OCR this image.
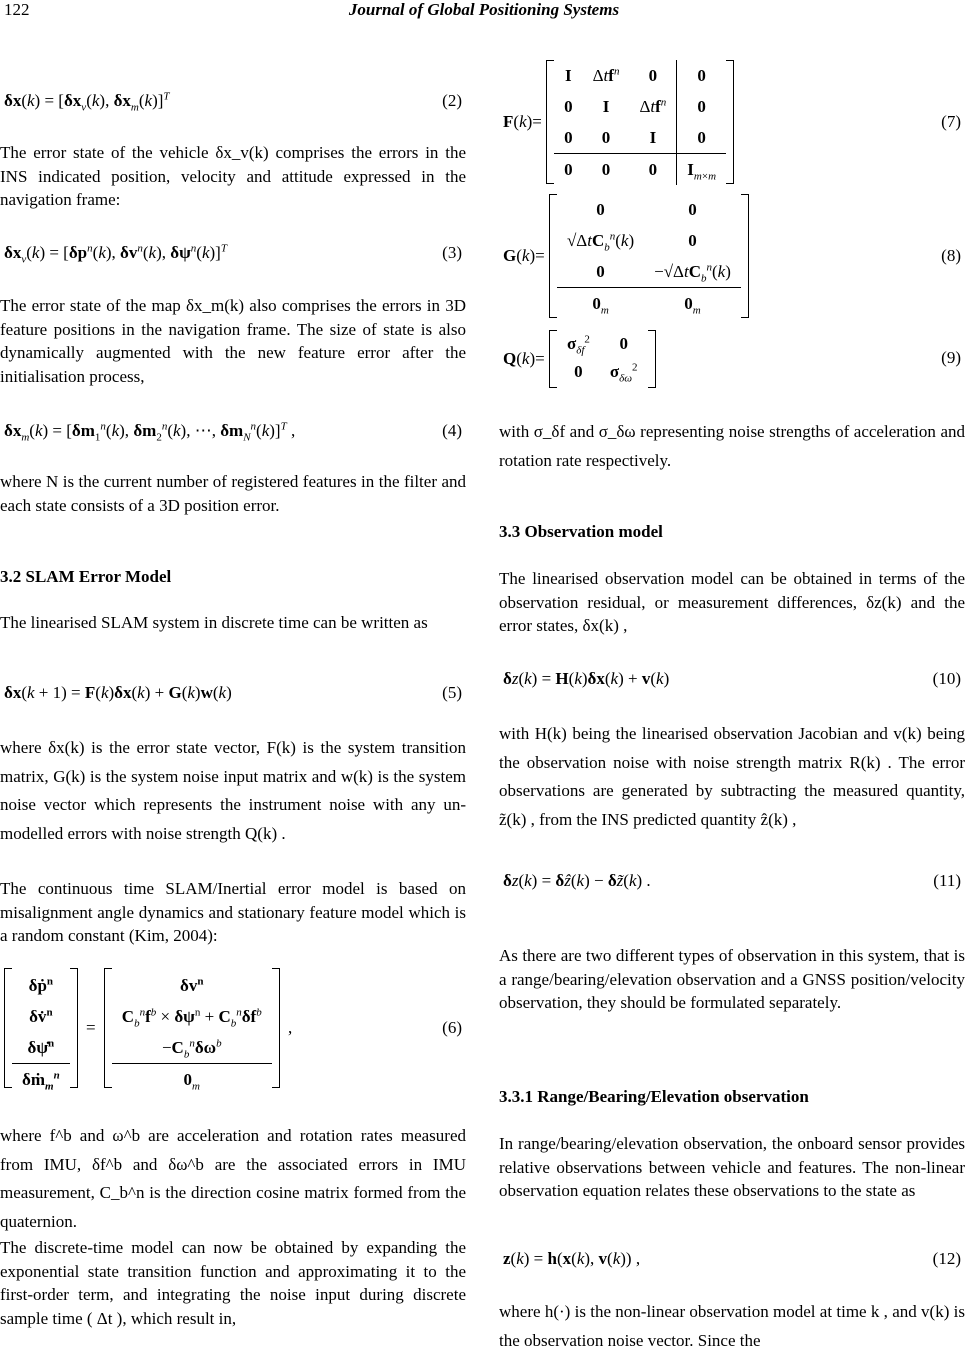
122	Journal of Global Positioning Systems
$\delta x(k) = [\delta x_v(k)$, $\delta x_m(k)]^T$	(2)

The error state of the vehicle δx_v(k) comprises the errors in the INS indicated position, velocity and attitude expressed in the navigation frame:

$\delta x_v(k) = [\delta p^n(k)$, $\delta v^n(k)$, $\delta\psi^n(k)]^T$	(3)

The error state of the map δx_m(k) also comprises the errors in 3D feature positions in the navigation frame. The size of state is also dynamically augmented with the new feature error after the initialisation process,

$\delta x_m(k) = [\delta m_1^n(k)$, $\delta m_2^n(k)$, ⋯, $\delta m_N^n(k)]^T$ ,	(4)

where N is the current number of registered features in the filter and each state consists of a 3D position error.

3.2 SLAM Error Model

The linearised SLAM system in discrete time can be written as

δx(k + 1) = F(k)δx(k) + G(k)w(k)	(5)

where δx(k) is the error state vector, F(k) is the system transition matrix, G(k) is the system noise input matrix and w(k) is the system noise vector which represents the instrument noise with any un-modelled errors with noise strength Q(k) .

The continuous time SLAM/Inertial error model is based on misalignment angle dynamics and stationary feature model which is a random constant (Kim, 2004):

δṗ$^n$
δv̇$^n$
δψ̇$^n$
δṁ$_m^n$
=
$\delta v^n$
$C_b^nf^b \times \delta\psi^n + C_b^n\delta f^b$
$-C_b^n\delta\omega^b$
$0_m$
,	(6)

where f^b and ω^b are acceleration and rotation rates measured from IMU, δf^b and δω^b are the associated errors in IMU measurement, C_b^n is the direction cosine matrix formed from the quaternion.

The discrete-time model can now be obtained by expanding the exponential state transition function and approximating it to the first-order term, and integrating the noise input during discrete sample time ( Δt ), which result in,

F(k)=
I	Δtf$^n$	0	0
0	I	Δtf$^n$	0
0	0	I	0
0	0	0	$I_{m\times m}$
(7)
G(k)=
0	0
√ΔtC$_b^n$(k)	0
0	−√ΔtC$_b^n$(k)
$0_m$	$0_m$
(8)
Q(k)=
$\sigma_{\delta f}^2$	0
0	$\sigma_{\delta\omega}^2$
(9)

with σ_δf and σ_δω representing noise strengths of acceleration and rotation rate respectively.

3.3 Observation model

The linearised observation model can be obtained in terms of the observation residual, or measurement differences, δz(k) and the error states, δx(k) ,

δz(k) = H(k)δx(k) + v(k)	(10)

with H(k) being the linearised observation Jacobian and v(k) being the observation noise with noise strength matrix R(k) . The error observations are generated by subtracting the measured quantity, z̃(k) , from the INS predicted quantity ẑ(k) ,

δz(k) = δẑ(k) − δz̃(k) .	(11)

As there are two different types of observation in this system, that is a range/bearing/elevation observation and a GNSS position/velocity observation, they should be formulated separately.

3.3.1 Range/Bearing/Elevation observation

In range/bearing/elevation observation, the onboard sensor provides relative observations between vehicle and features. The non-linear observation equation relates these observations to the state as

z(k) = h(x(k), v(k)) ,	(12)

where h(·) is the non-linear observation model at time k , and v(k) is the observation noise vector. Since the
